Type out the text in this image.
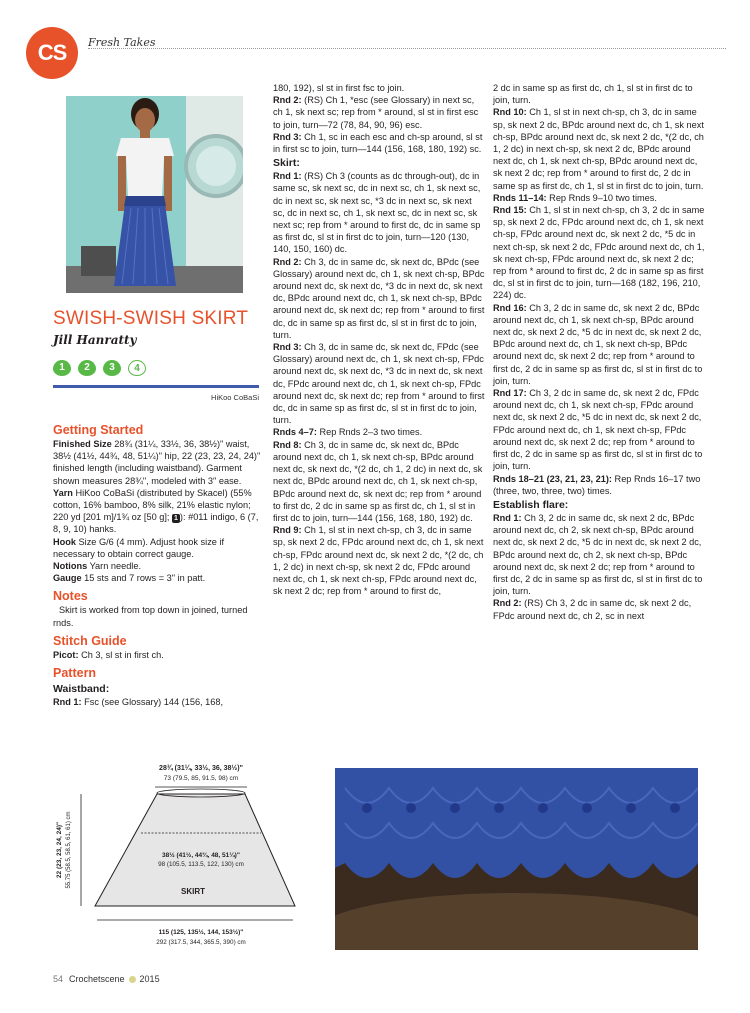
CS	Fresh Takes
SWISH-SWISH SKIRT
Jill Hanratty
1	2	3	4
HiKoo CoBaSi
Getting Started

Finished Size 28¾ (31¼, 33½, 36, 38½)" waist, 38½ (41½, 44¾, 48, 51¼)" hip, 22 (23, 23, 24, 24)" finished length (including waistband). Garment shown measures 28¾", modeled with 3" ease.

Yarn HiKoo CoBaSi (distributed by Skacel) (55% cotton, 16% bamboo, 8% silk, 21% elastic nylon; 220 yd [201 m]/1¾ oz [50 g]; 1 ): #011 indigo, 6 (7, 8, 9, 10) hanks.

Hook Size G/6 (4 mm). Adjust hook size if necessary to obtain correct gauge.

Notions Yarn needle.

Gauge 15 sts and 7 rows = 3" in patt.

Notes

Skirt is worked from top down in joined, turned rnds.

Stitch Guide

Picot: Ch 3, sl st in first ch.

Pattern
Waistband:

Rnd 1: Fsc (see Glossary) 144 (156, 168,

180, 192), sl st in first fsc to join.

Rnd 2: (RS) Ch 1, *esc (see Glossary) in next sc, ch 1, sk next sc; rep from * around, sl st in first esc to join, turn—72 (78, 84, 90, 96) esc.

Rnd 3: Ch 1, sc in each esc and ch-sp around, sl st in first sc to join, turn—144 (156, 168, 180, 192) sc.

Skirt:

Rnd 1: (RS) Ch 3 (counts as dc through-out), dc in same sc, sk next sc, dc in next sc, ch 1, sk next sc, dc in next sc, sk next sc, *3 dc in next sc, sk next sc, dc in next sc, ch 1, sk next sc, dc in next sc, sk next sc; rep from * around to first dc, dc in same sp as first dc, sl st in first dc to join, turn—120 (130, 140, 150, 160) dc.

Rnd 2: Ch 3, dc in same dc, sk next dc, BPdc (see Glossary) around next dc, ch 1, sk next ch-sp, BPdc around next dc, sk next dc, *3 dc in next dc, sk next dc, BPdc around next dc, ch 1, sk next ch-sp, BPdc around next dc, sk next dc; rep from * around to first dc, dc in same sp as first dc, sl st in first dc to join, turn.

Rnd 3: Ch 3, dc in same dc, sk next dc, FPdc (see Glossary) around next dc, ch 1, sk next ch-sp, FPdc around next dc, sk next dc, *3 dc in next dc, sk next dc, FPdc around next dc, ch 1, sk next ch-sp, FPdc around next dc, sk next dc; rep from * around to first dc, dc in same sp as first dc, sl st in first dc to join, turn.

Rnds 4–7: Rep Rnds 2–3 two times.

Rnd 8: Ch 3, dc in same dc, sk next dc, BPdc around next dc, ch 1, sk next ch-sp, BPdc around next dc, sk next dc, *(2 dc, ch 1, 2 dc) in next dc, sk next dc, BPdc around next dc, ch 1, sk next ch-sp, BPdc around next dc, sk next dc; rep from * around to first dc, 2 dc in same sp as first dc, ch 1, sl st in first dc to join, turn—144 (156, 168, 180, 192) dc.

Rnd 9: Ch 1, sl st in next ch-sp, ch 3, dc in same sp, sk next 2 dc, FPdc around next dc, ch 1, sk next ch-sp, FPdc around next dc, sk next 2 dc, *(2 dc, ch 1, 2 dc) in next ch-sp, sk next 2 dc, FPdc around next dc, ch 1, sk next ch-sp, FPdc around next dc, sk next 2 dc; rep from * around to first dc,

2 dc in same sp as first dc, ch 1, sl st in first dc to join, turn.

Rnd 10: Ch 1, sl st in next ch-sp, ch 3, dc in same sp, sk next 2 dc, BPdc around next dc, ch 1, sk next ch-sp, BPdc around next dc, sk next 2 dc, *(2 dc, ch 1, 2 dc) in next ch-sp, sk next 2 dc, BPdc around next dc, ch 1, sk next ch-sp, BPdc around next dc, sk next 2 dc; rep from * around to first dc, 2 dc in same sp as first dc, ch 1, sl st in first dc to join, turn.

Rnds 11–14: Rep Rnds 9–10 two times.

Rnd 15: Ch 1, sl st in next ch-sp, ch 3, 2 dc in same sp, sk next 2 dc, FPdc around next dc, ch 1, sk next ch-sp, FPdc around next dc, sk next 2 dc, *5 dc in next ch-sp, sk next 2 dc, FPdc around next dc, ch 1, sk next ch-sp, FPdc around next dc, sk next 2 dc; rep from * around to first dc, 2 dc in same sp as first dc, sl st in first dc to join, turn—168 (182, 196, 210, 224) dc.

Rnd 16: Ch 3, 2 dc in same dc, sk next 2 dc, BPdc around next dc, ch 1, sk next ch-sp, BPdc around next dc, sk next 2 dc, *5 dc in next dc, sk next 2 dc, BPdc around next dc, ch 1, sk next ch-sp, BPdc around next dc, sk next 2 dc; rep from * around to first dc, 2 dc in same sp as first dc, sl st in first dc to join, turn.

Rnd 17: Ch 3, 2 dc in same dc, sk next 2 dc, FPdc around next dc, ch 1, sk next ch-sp, FPdc around next dc, sk next 2 dc, *5 dc in next dc, sk next 2 dc, FPdc around next dc, ch 1, sk next ch-sp, FPdc around next dc, sk next 2 dc; rep from * around to first dc, 2 dc in same sp as first dc, sl st in first dc to join, turn.

Rnds 18–21 (23, 21, 23, 21): Rep Rnds 16–17 two (three, two, three, two) times.

Establish flare:

Rnd 1: Ch 3, 2 dc in same dc, sk next 2 dc, BPdc around next dc, ch 2, sk next ch-sp, BPdc around next dc, sk next 2 dc, *5 dc in next dc, sk next 2 dc, BPdc around next dc, ch 2, sk next ch-sp, BPdc around next dc, sk next 2 dc; rep from * around to first dc, 2 dc in same sp as first dc, sl st in first dc to join, turn.

Rnd 2: (RS) Ch 3, 2 dc in same dc, sk next 2 dc, FPdc around next dc, ch 2, sc in next

28¾ (31¼, 33½, 36, 38½)"
73 (79.5, 85, 91.5, 98) cm
38½ (41½, 44¾, 48, 51¼)"
98 (105.5, 113.5, 122, 130) cm
SKIRT
22 (23, 23, 24, 24)" 55.75 (58.5, 58.5, 61, 61) cm
115 (125, 135½, 144, 153½)"
292 (317.5, 344, 365.5, 390) cm
54 Crochetscene 2015
